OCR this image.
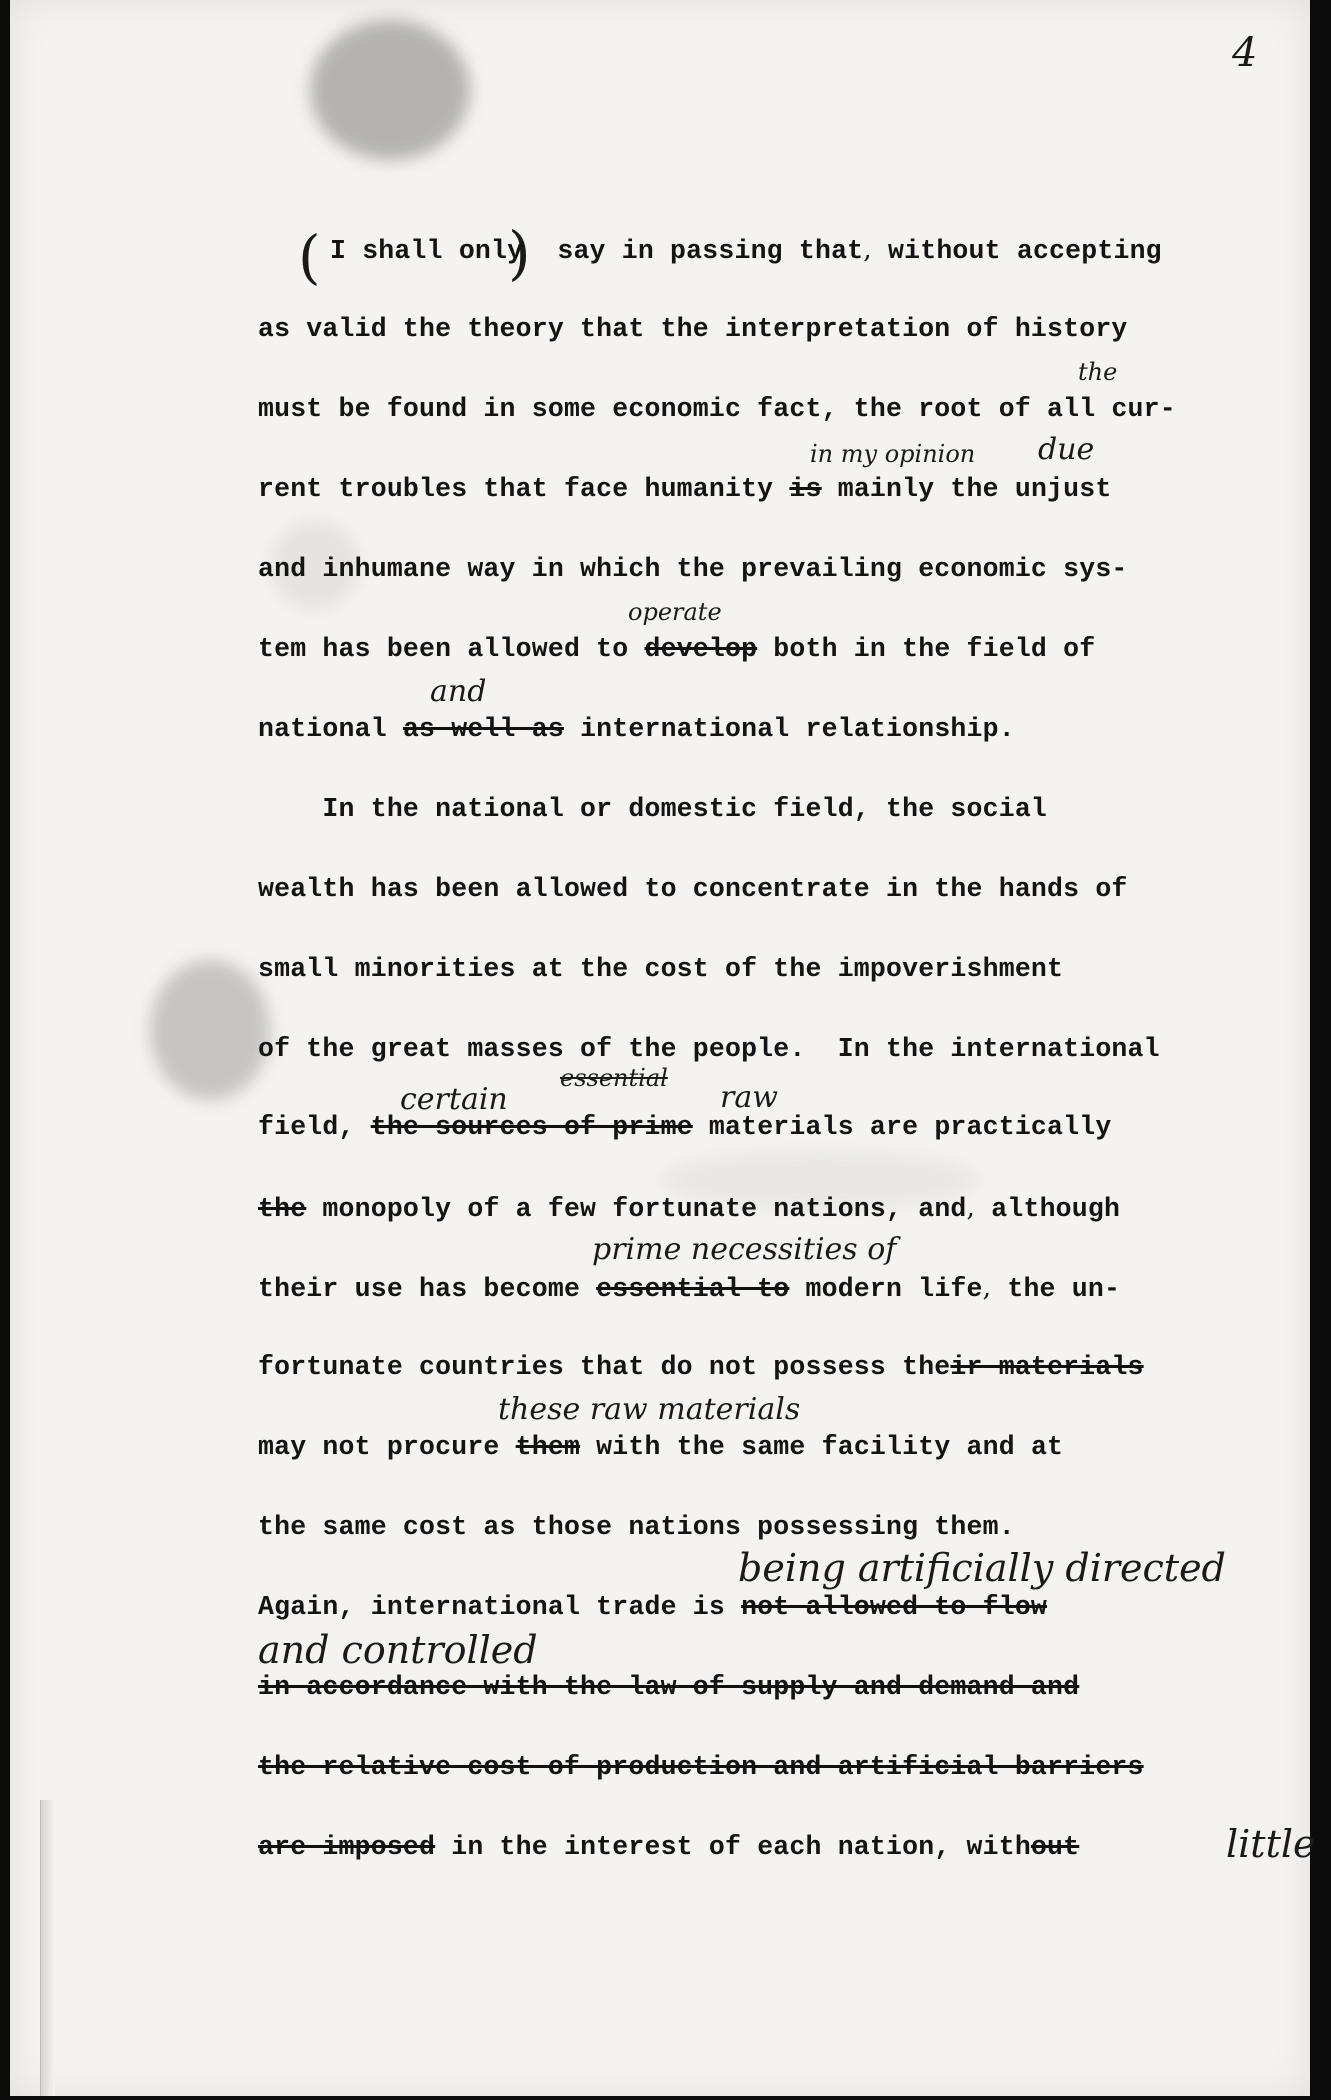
4
(	)
I shall only say in passing that, without accepting
as valid the theory that the interpretation of history
must be found in some economic fact, the root of all cur-
the
rent troubles that face humanity is mainly the unjust
in my opinion due
and inhumane way in which the prevailing economic sys-
tem has been allowed to develop both in the field of
operate
national as well as international relationship.
and
In the national or domestic field, the social
wealth has been allowed to concentrate in the hands of
small minorities at the cost of the impoverishment
of the great masses of the people.  In the international
field, the sources of prime materials are practically
certain
essential
raw
the monopoly of a few fortunate nations, and, although
their use has become essential to modern life, the un-
prime necessities of
fortunate countries that do not possess their materials
may not procure them with the same facility and at
these raw materials
the same cost as those nations possessing them.
Again, international trade is not allowed to flow
being artificially directed
and controlled
in accordance with the law of supply and demand and
the relative cost of production and artificial barriers
are imposed in the interest of each nation, without	little
